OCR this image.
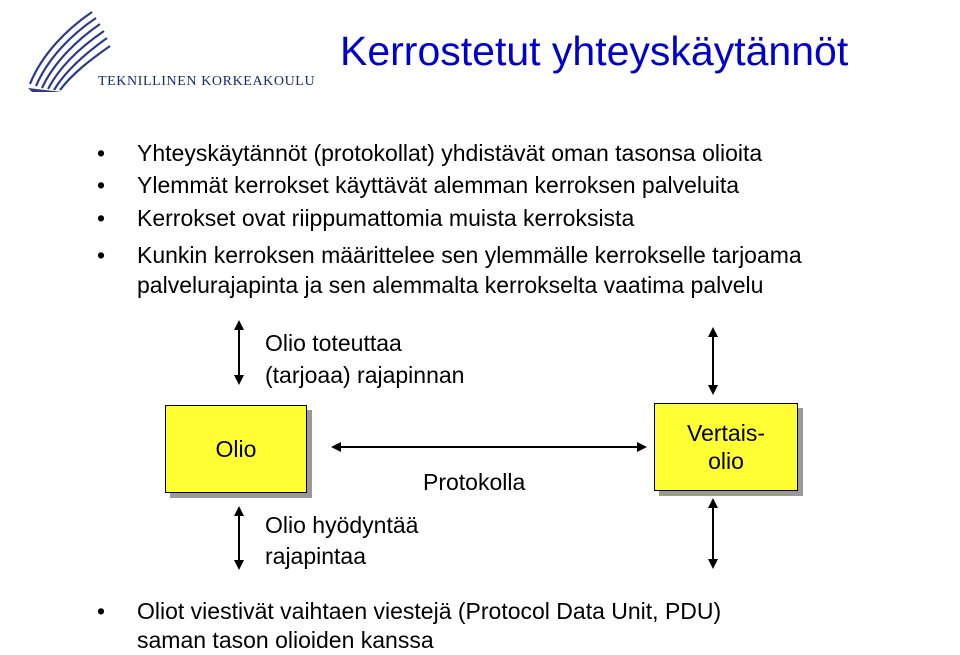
TEKNILLINEN KORKEAKOULU
Kerrostetut yhteyskäytännöt
• Yhteyskäytännöt (protokollat) yhdistävät oman tasonsa olioita
• Ylemmät kerrokset käyttävät alemman kerroksen palveluita
• Kerrokset ovat riippumattomia muista kerroksista
• Kunkin kerroksen määrittelee sen ylemmälle kerrokselle tarjoama
palvelurajapinta ja sen alemmalta kerrokselta vaatima palvelu
Olio toteuttaa
(tarjoaa) rajapinnan
Olio
Vertais-
olio
Protokolla
Olio hyödyntää
rajapintaa
• Oliot viestivät vaihtaen viestejä (Protocol Data Unit, PDU)
saman tason olioiden kanssa
